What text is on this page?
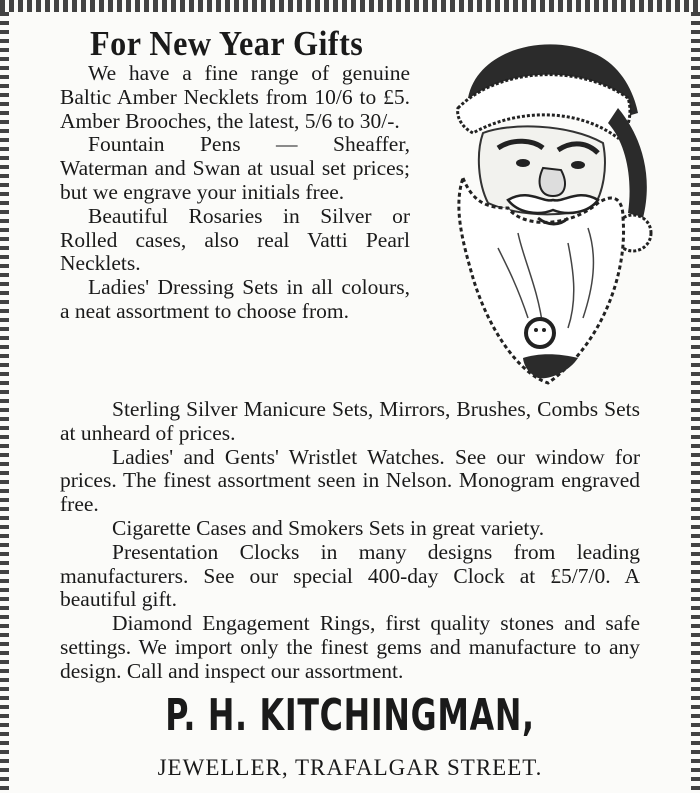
For New Year Gifts

We have a fine range of genuine Baltic Amber Necklets from 10/6 to £5. Amber Brooches, the latest, 5/6 to 30/-.

Fountain Pens — Sheaffer, Waterman and Swan at usual set prices; but we engrave your initials free.

Beautiful Rosaries in Silver or Rolled cases, also real Vatti Pearl Necklets.

Ladies' Dressing Sets in all colours, a neat assortment to choose from.

Sterling Silver Manicure Sets, Mirrors, Brushes, Combs Sets at unheard of prices.

Ladies' and Gents' Wristlet Watches. See our window for prices. The finest assortment seen in Nelson. Monogram engraved free.

Cigarette Cases and Smokers Sets in great variety.

Presentation Clocks in many designs from leading manufacturers. See our special 400-day Clock at £5/7/0. A beautiful gift.

Diamond Engagement Rings, first quality stones and safe settings. We import only the finest gems and manufacture to any design. Call and inspect our assortment.

P. H. KITCHINGMAN,
JEWELLER, TRAFALGAR STREET.
